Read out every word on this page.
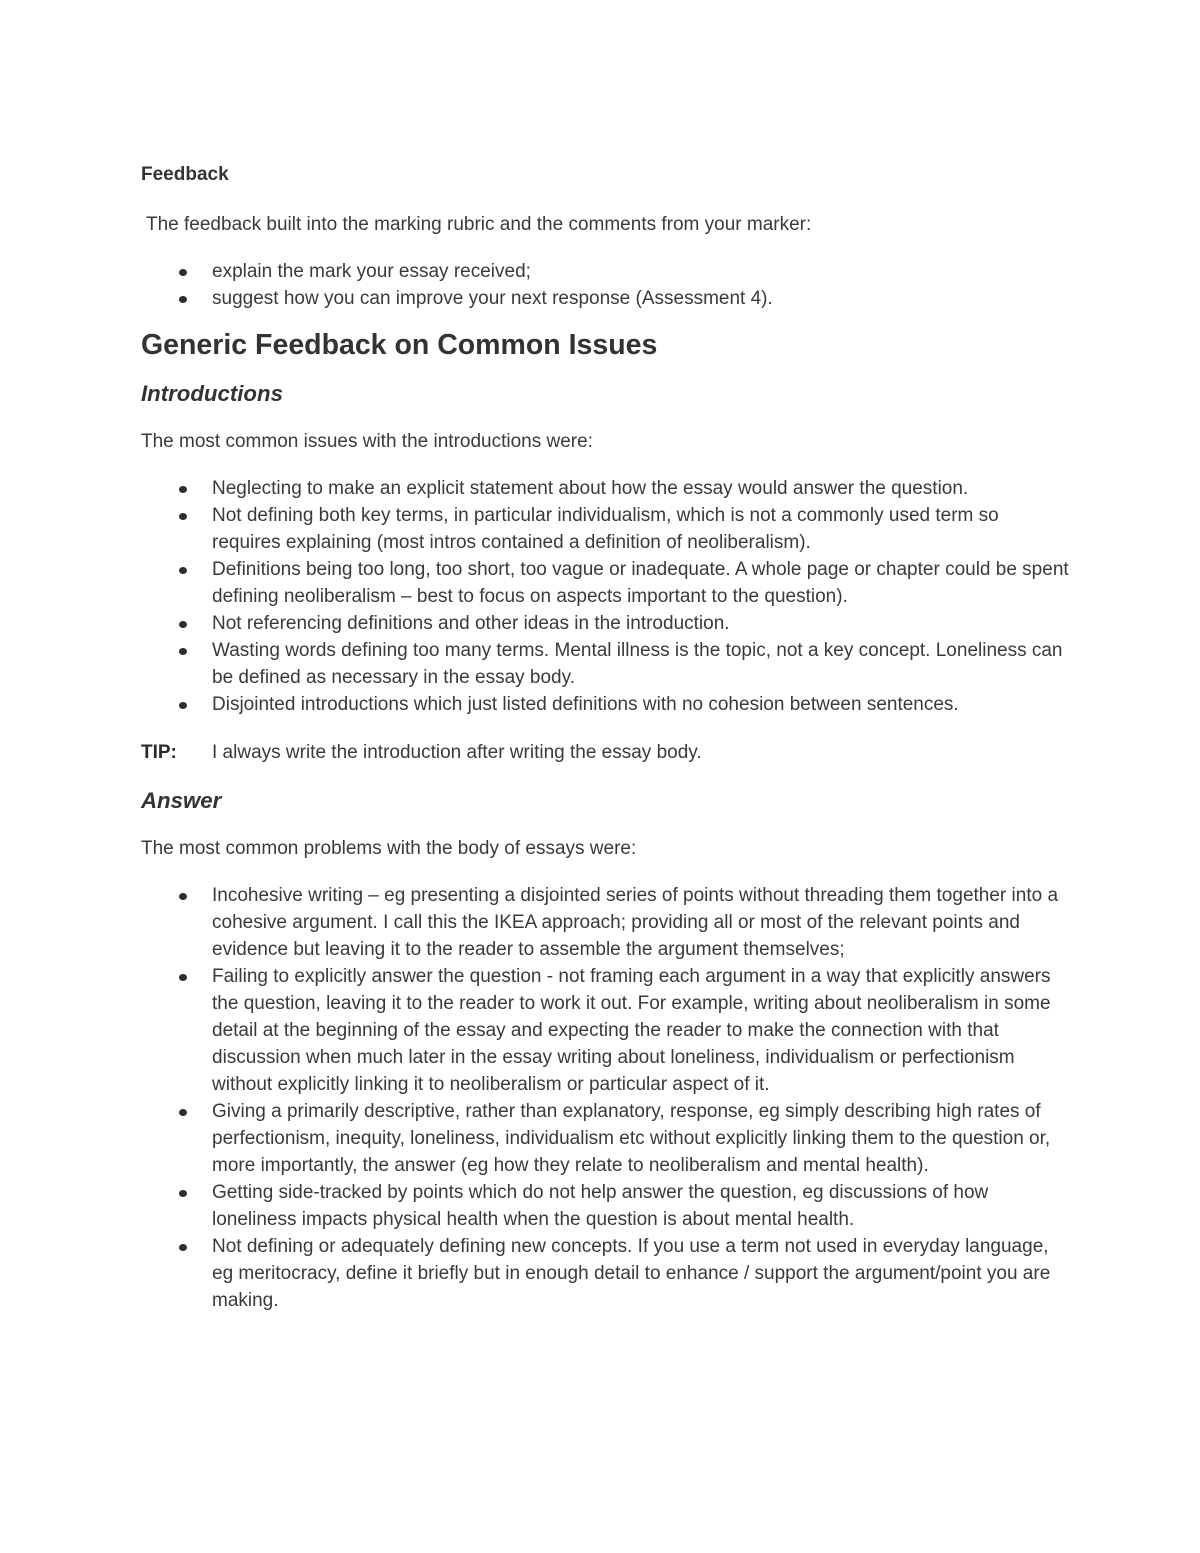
Feedback

The feedback built into the marking rubric and the comments from your marker:

explain the mark your essay received;
suggest how you can improve your next response (Assessment 4).
Generic Feedback on Common Issues
Introductions

The most common issues with the introductions were:

Neglecting to make an explicit statement about how the essay would answer the question.
Not defining both key terms, in particular individualism, which is not a commonly used term so requires explaining (most intros contained a definition of neoliberalism).
Definitions being too long, too short, too vague or inadequate. A whole page or chapter could be spent defining neoliberalism – best to focus on aspects important to the question).
Not referencing definitions and other ideas in the introduction.
Wasting words defining too many terms. Mental illness is the topic, not a key concept. Loneliness can be defined as necessary in the essay body.
Disjointed introductions which just listed definitions with no cohesion between sentences.
TIP:	I always write the introduction after writing the essay body.
Answer

The most common problems with the body of essays were:

Incohesive writing – eg presenting a disjointed series of points without threading them together into a cohesive argument. I call this the IKEA approach; providing all or most of the relevant points and evidence but leaving it to the reader to assemble the argument themselves;
Failing to explicitly answer the question - not framing each argument in a way that explicitly answers the question, leaving it to the reader to work it out. For example, writing about neoliberalism in some detail at the beginning of the essay and expecting the reader to make the connection with that discussion when much later in the essay writing about loneliness, individualism or perfectionism without explicitly linking it to neoliberalism or particular aspect of it.
Giving a primarily descriptive, rather than explanatory, response, eg simply describing high rates of perfectionism, inequity, loneliness, individualism etc without explicitly linking them to the question or, more importantly, the answer (eg how they relate to neoliberalism and mental health).
Getting side-tracked by points which do not help answer the question, eg discussions of how loneliness impacts physical health when the question is about mental health.
Not defining or adequately defining new concepts. If you use a term not used in everyday language, eg meritocracy, define it briefly but in enough detail to enhance / support the argument/point you are making.
